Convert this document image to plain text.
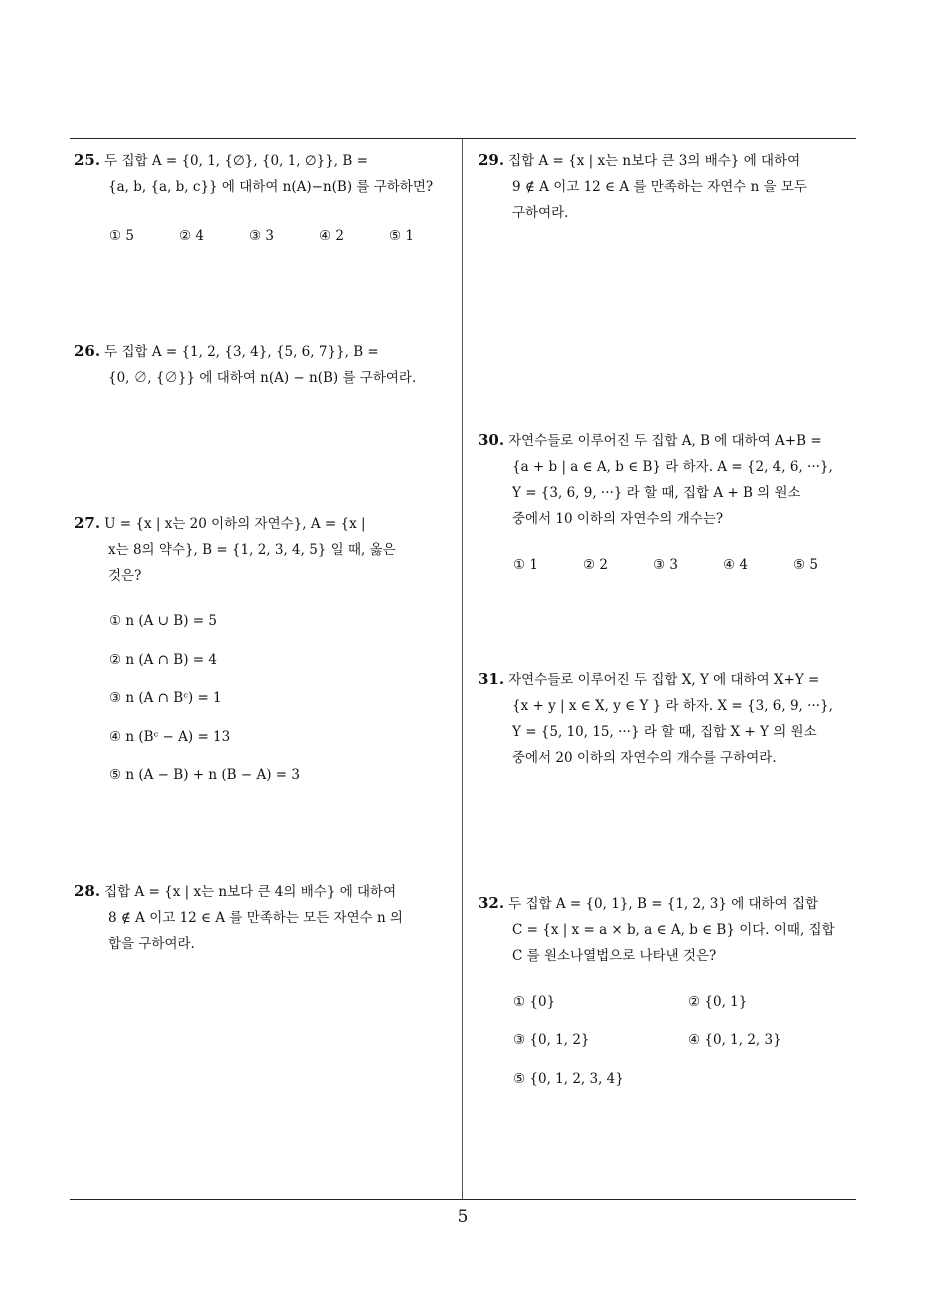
25. 두 집합 A = {0, 1, {∅}, {0, 1, ∅}}, B =
{a, b, {a, b, c}} 에 대하여 n(A)−n(B) 를 구하하면?
① 5	② 4	③ 3	④ 2	⑤ 1
26. 두 집합 A = {1, 2, {3, 4}, {5, 6, 7}}, B =
{0, ∅, {∅}} 에 대하여 n(A) − n(B) 를 구하여라.
27. U = {x | x는 20 이하의 자연수}, A = {x |
x는 8의 약수}, B = {1, 2, 3, 4, 5} 일 때, 옳은
것은?
① n (A ∪ B) = 5
② n (A ∩ B) = 4
③ n (A ∩ Bᶜ) = 1
④ n (Bᶜ − A) = 13
⑤ n (A − B) + n (B − A) = 3
28. 집합 A = {x | x는 n보다 큰 4의 배수} 에 대하여
8 ∉ A 이고 12 ∈ A 를 만족하는 모든 자연수 n 의
합을 구하여라.
29. 집합 A = {x | x는 n보다 큰 3의 배수} 에 대하여
9 ∉ A 이고 12 ∈ A 를 만족하는 자연수 n 을 모두
구하여라.
30. 자연수들로 이루어진 두 집합 A, B 에 대하여 A+B =
{a + b | a ∈ A, b ∈ B} 라 하자. A = {2, 4, 6, ···},
Y = {3, 6, 9, ···} 라 할 때, 집합 A + B 의 원소
중에서 10 이하의 자연수의 개수는?
① 1	② 2	③ 3	④ 4	⑤ 5
31. 자연수들로 이루어진 두 집합 X, Y 에 대하여 X+Y =
{x + y | x ∈ X, y ∈ Y } 라 하자. X = {3, 6, 9, ···},
Y = {5, 10, 15, ···} 라 할 때, 집합 X + Y 의 원소
중에서 20 이하의 자연수의 개수를 구하여라.
32. 두 집합 A = {0, 1}, B = {1, 2, 3} 에 대하여 집합
C = {x | x = a × b, a ∈ A, b ∈ B} 이다. 이때, 집합
C 를 원소나열법으로 나타낸 것은?
① {0}	② {0, 1}
③ {0, 1, 2}	④ {0, 1, 2, 3}
⑤ {0, 1, 2, 3, 4}
5
